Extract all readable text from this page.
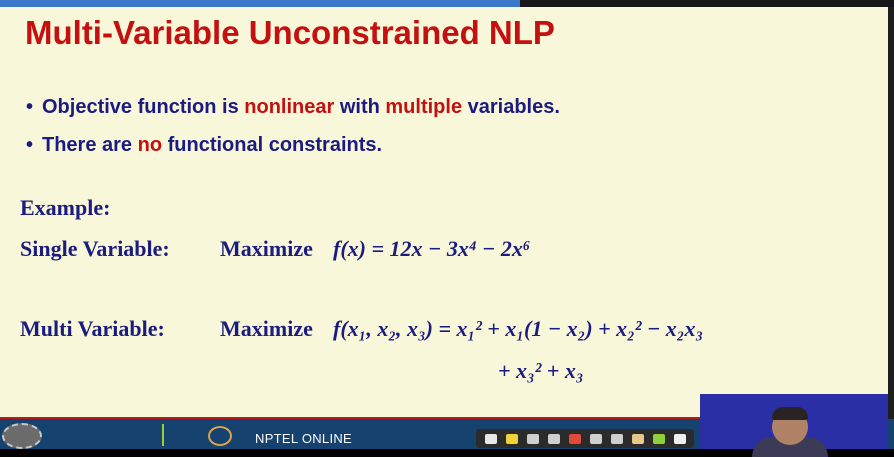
Multi-Variable Unconstrained NLP
• Objective function is nonlinear with multiple variables.
• There are no functional constraints.
Example:
Single Variable: Maximize f(x) = 12x − 3x⁴ − 2x⁶
Multi Variable:	Maximize f(x₁, x₂, x₃) = x₁² + x₁(1 − x₂) + x₂² − x₂x₃
+ x₃² + x₃
NPTEL ONLINE
